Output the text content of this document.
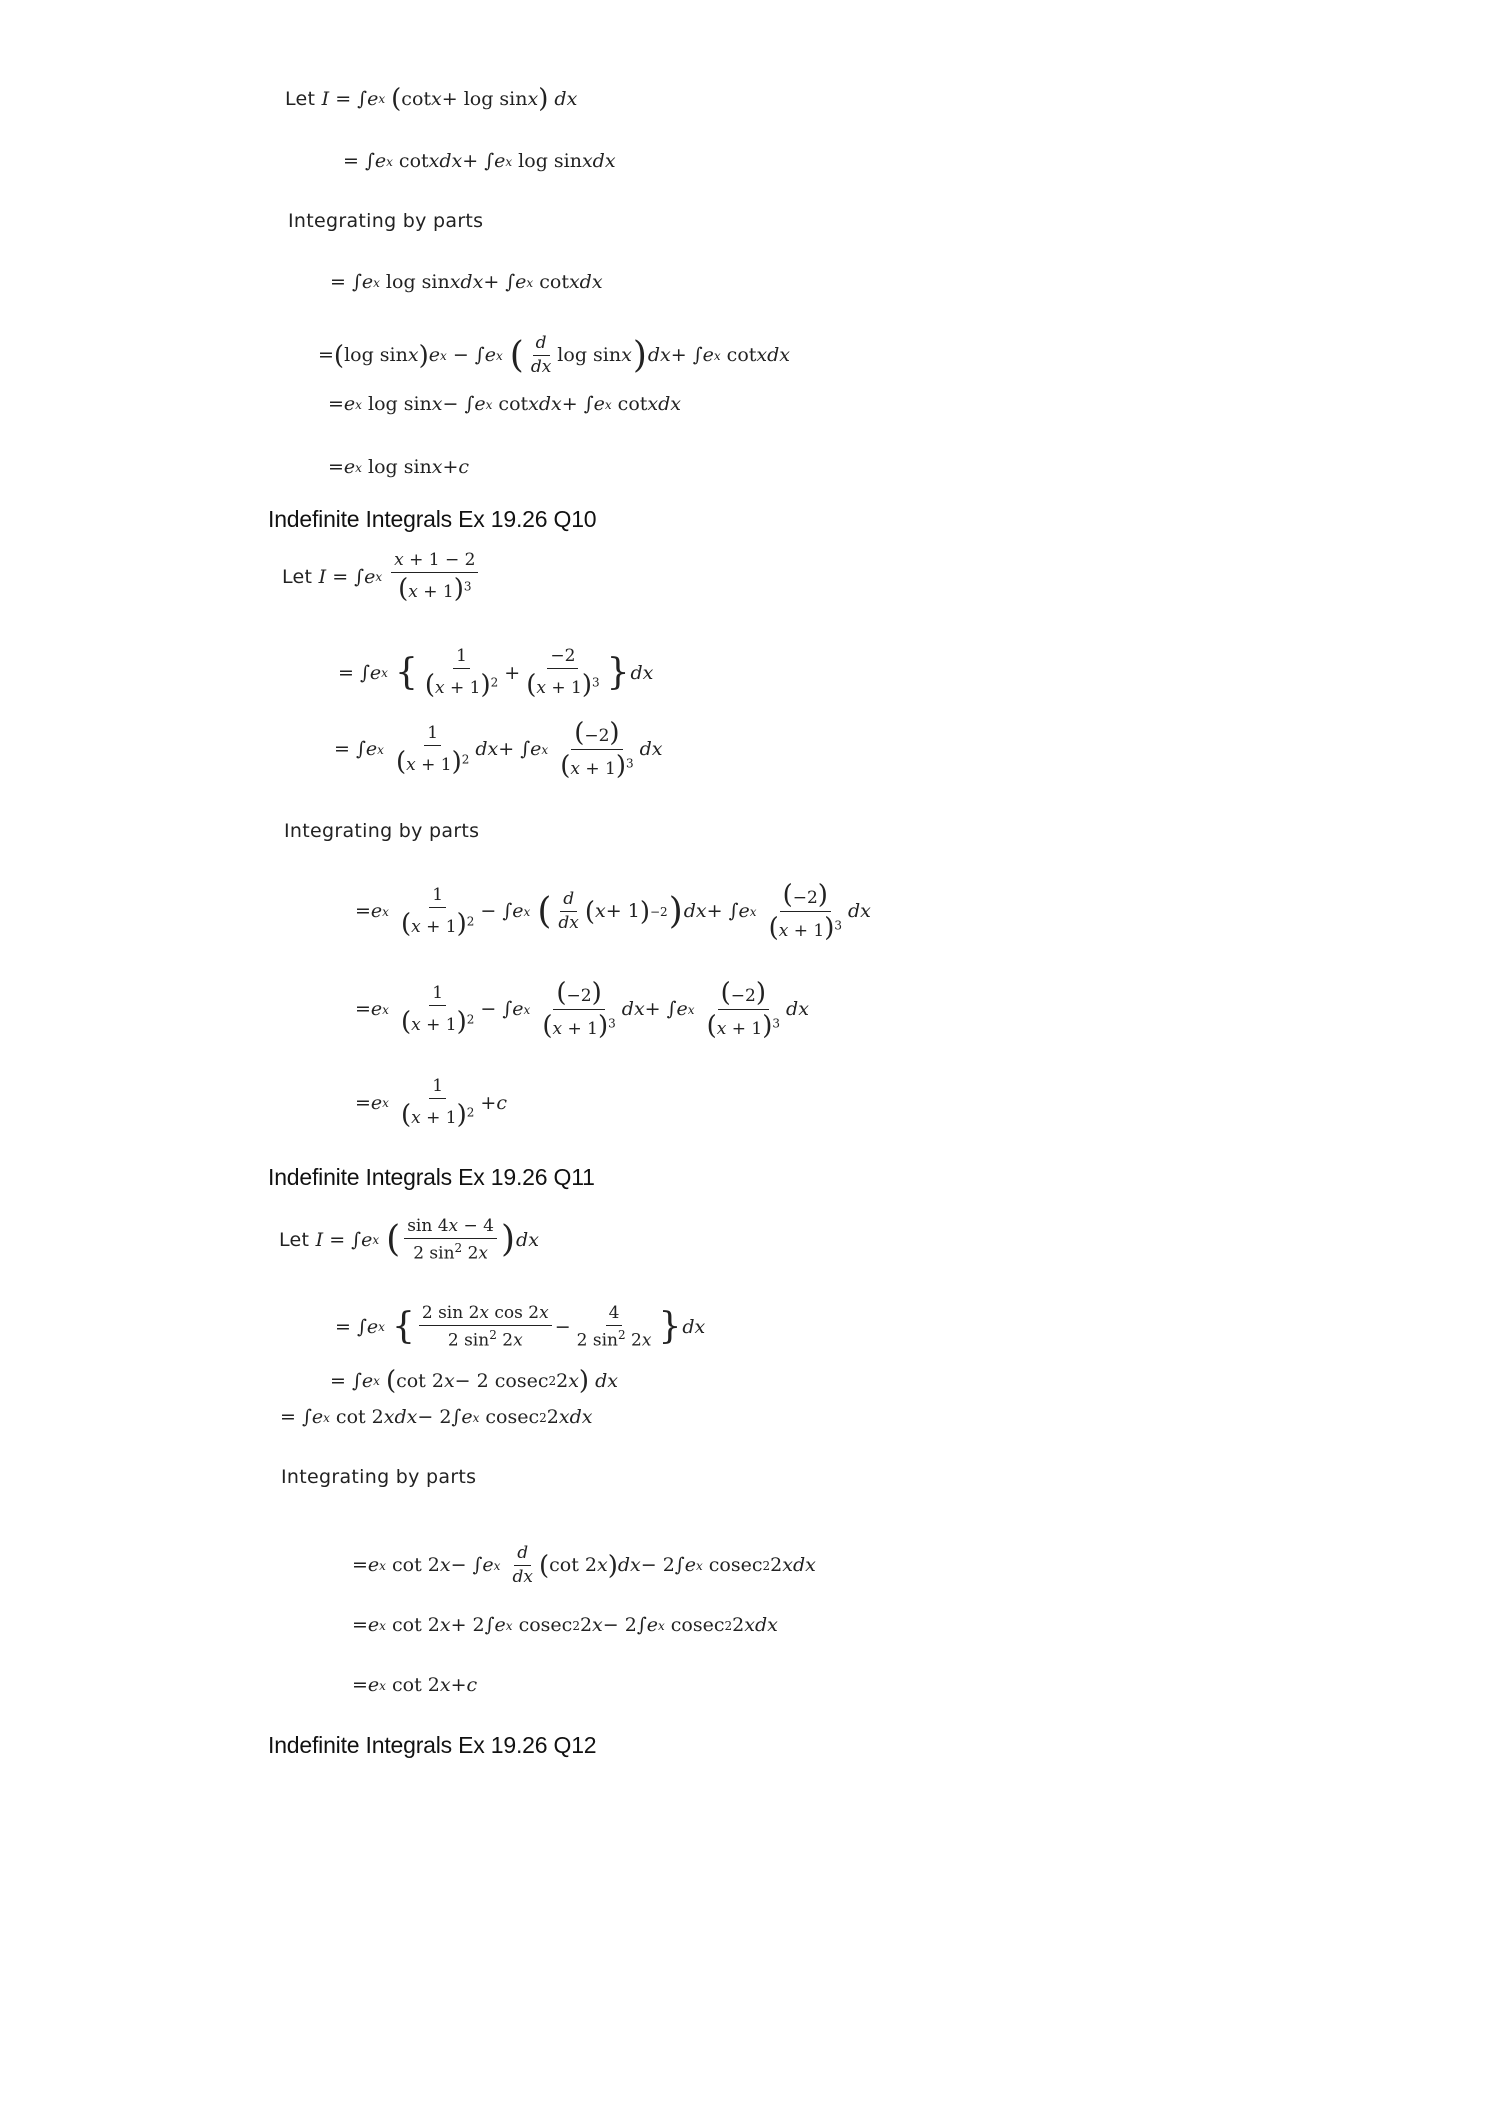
Let I = ∫ e x
( cot x + log sin x )
dx
= ∫ e x cot xdx + ∫ e x log sin xdx
Integrating by parts
= ∫ e x log sin xdx + ∫ e x cot xdx
= ( log sin x ) e x − ∫ e x
( $\frac{d}{dx}$ log sin x ) dx + ∫ e x cot xdx
= e x log sin x − ∫ e x cot xdx + ∫ e x cot xdx
= e x log sin x + c
Indefinite Integrals Ex 19.26 Q10
Let I = ∫ e x
$\frac{x + 1 - 2}{(x + 1)^3}$
= ∫ e x
{ $\frac{1}{(x + 1)^2} + \frac{-2}{(x + 1)^3}$ } dx
= ∫ e x
$\frac{1}{(x + 1)^2}$ dx + ∫ e x
$\frac{(-2)}{(x + 1)^3}$ dx
Integrating by parts
= e x
$\frac{1}{(x + 1)^2}$ − ∫ e x
( $\frac{d}{dx}$ ( x + 1 ) −2 ) dx + ∫ e x
$\frac{(-2)}{(x + 1)^3}$ dx
= e x
$\frac{1}{(x + 1)^2}$ − ∫ e x
$\frac{(-2)}{(x + 1)^3}$ dx + ∫ e x
$\frac{(-2)}{(x + 1)^3}$ dx
= e x
$\frac{1}{(x + 1)^2} + c$
Indefinite Integrals Ex 19.26 Q11
Let I = ∫ e x
( $\frac{\sin 4x - 4}{2 \sin^2 2x}$ ) dx
= ∫ e x
{ $\frac{\text{2 sin 2x cos 2x}}{2 \sin^2 2x} - \frac{4}{2 \sin^2 2x}$ } dx
= ∫ e x
( cot 2 x − 2 cosec 2 2 x )
dx
= ∫ e x cot 2 xdx − 2∫ e x cosec 2 2 xdx
Integrating by parts
= e x cot 2 x − ∫ e x
$\frac{d}{dx}$ ( cot 2 x ) dx − 2∫ e x cosec 2 2 xdx
= e x cot 2 x + 2∫ e x cosec 2 2 x − 2∫ e x cosec 2 2 xdx
= e x cot 2 x + c
Indefinite Integrals Ex 19.26 Q12
